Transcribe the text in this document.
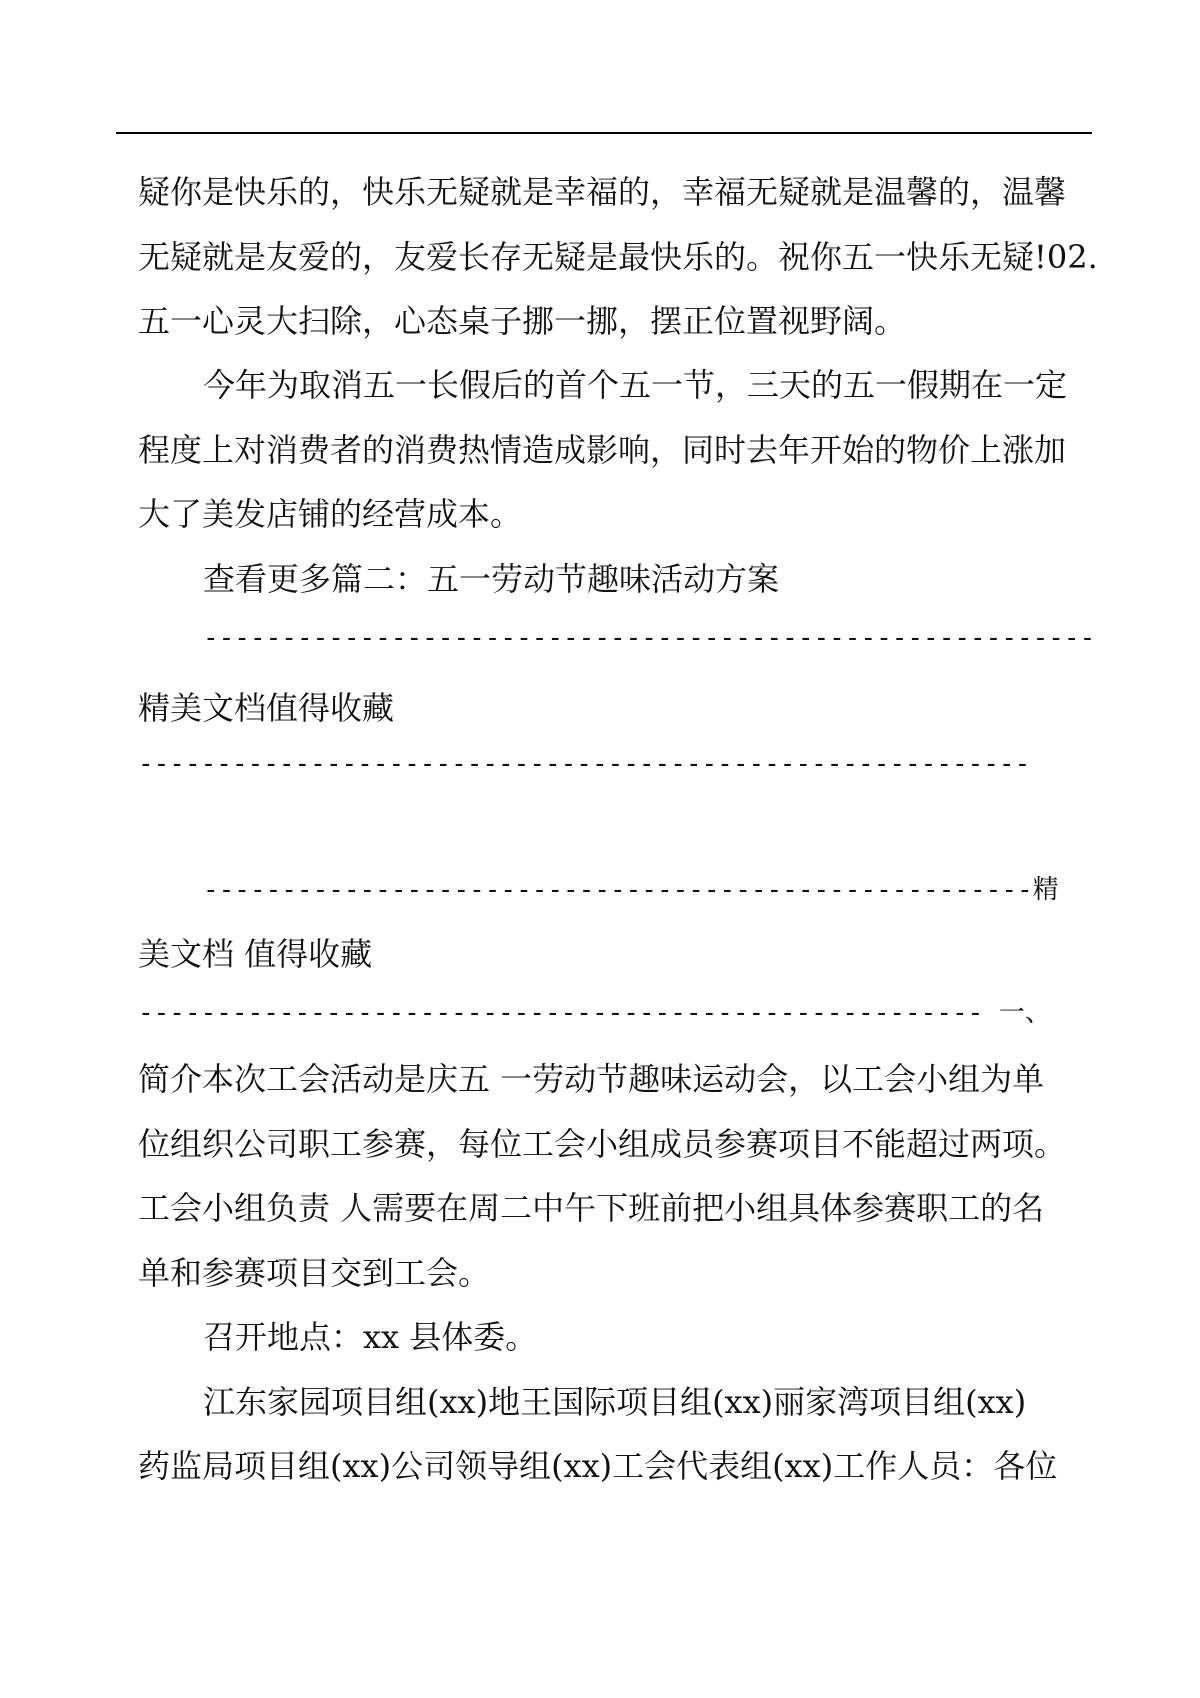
疑你是快乐的，快乐无疑就是幸福的，幸福无疑就是温馨的，温馨
无疑就是友爱的，友爱长存无疑是最快乐的。祝你五一快乐无疑!02.
五一心灵大扫除，心态桌子挪一挪，摆正位置视野阔。
今年为取消五一长假后的首个五一节，三天的五一假期在一定
程度上对消费者的消费热情造成影响，同时去年开始的物价上涨加
大了美发店铺的经营成本。
查看更多篇二：五一劳动节趣味活动方案
---------------------------------------------------------
精美文档值得收藏
---------------------------------------------------------
-----------------------------------------------------精
美文档 值得收藏
------------------------------------------------------ 一、
简介本次工会活动是庆五 一劳动节趣味运动会，以工会小组为单
位组织公司职工参赛，每位工会小组成员参赛项目不能超过两项。
工会小组负责 人需要在周二中午下班前把小组具体参赛职工的名
单和参赛项目交到工会。
召开地点：xx 县体委。
江东家园项目组(xx)地王国际项目组(xx)丽家湾项目组(xx)
药监局项目组(xx)公司领导组(xx)工会代表组(xx)工作人员：各位
